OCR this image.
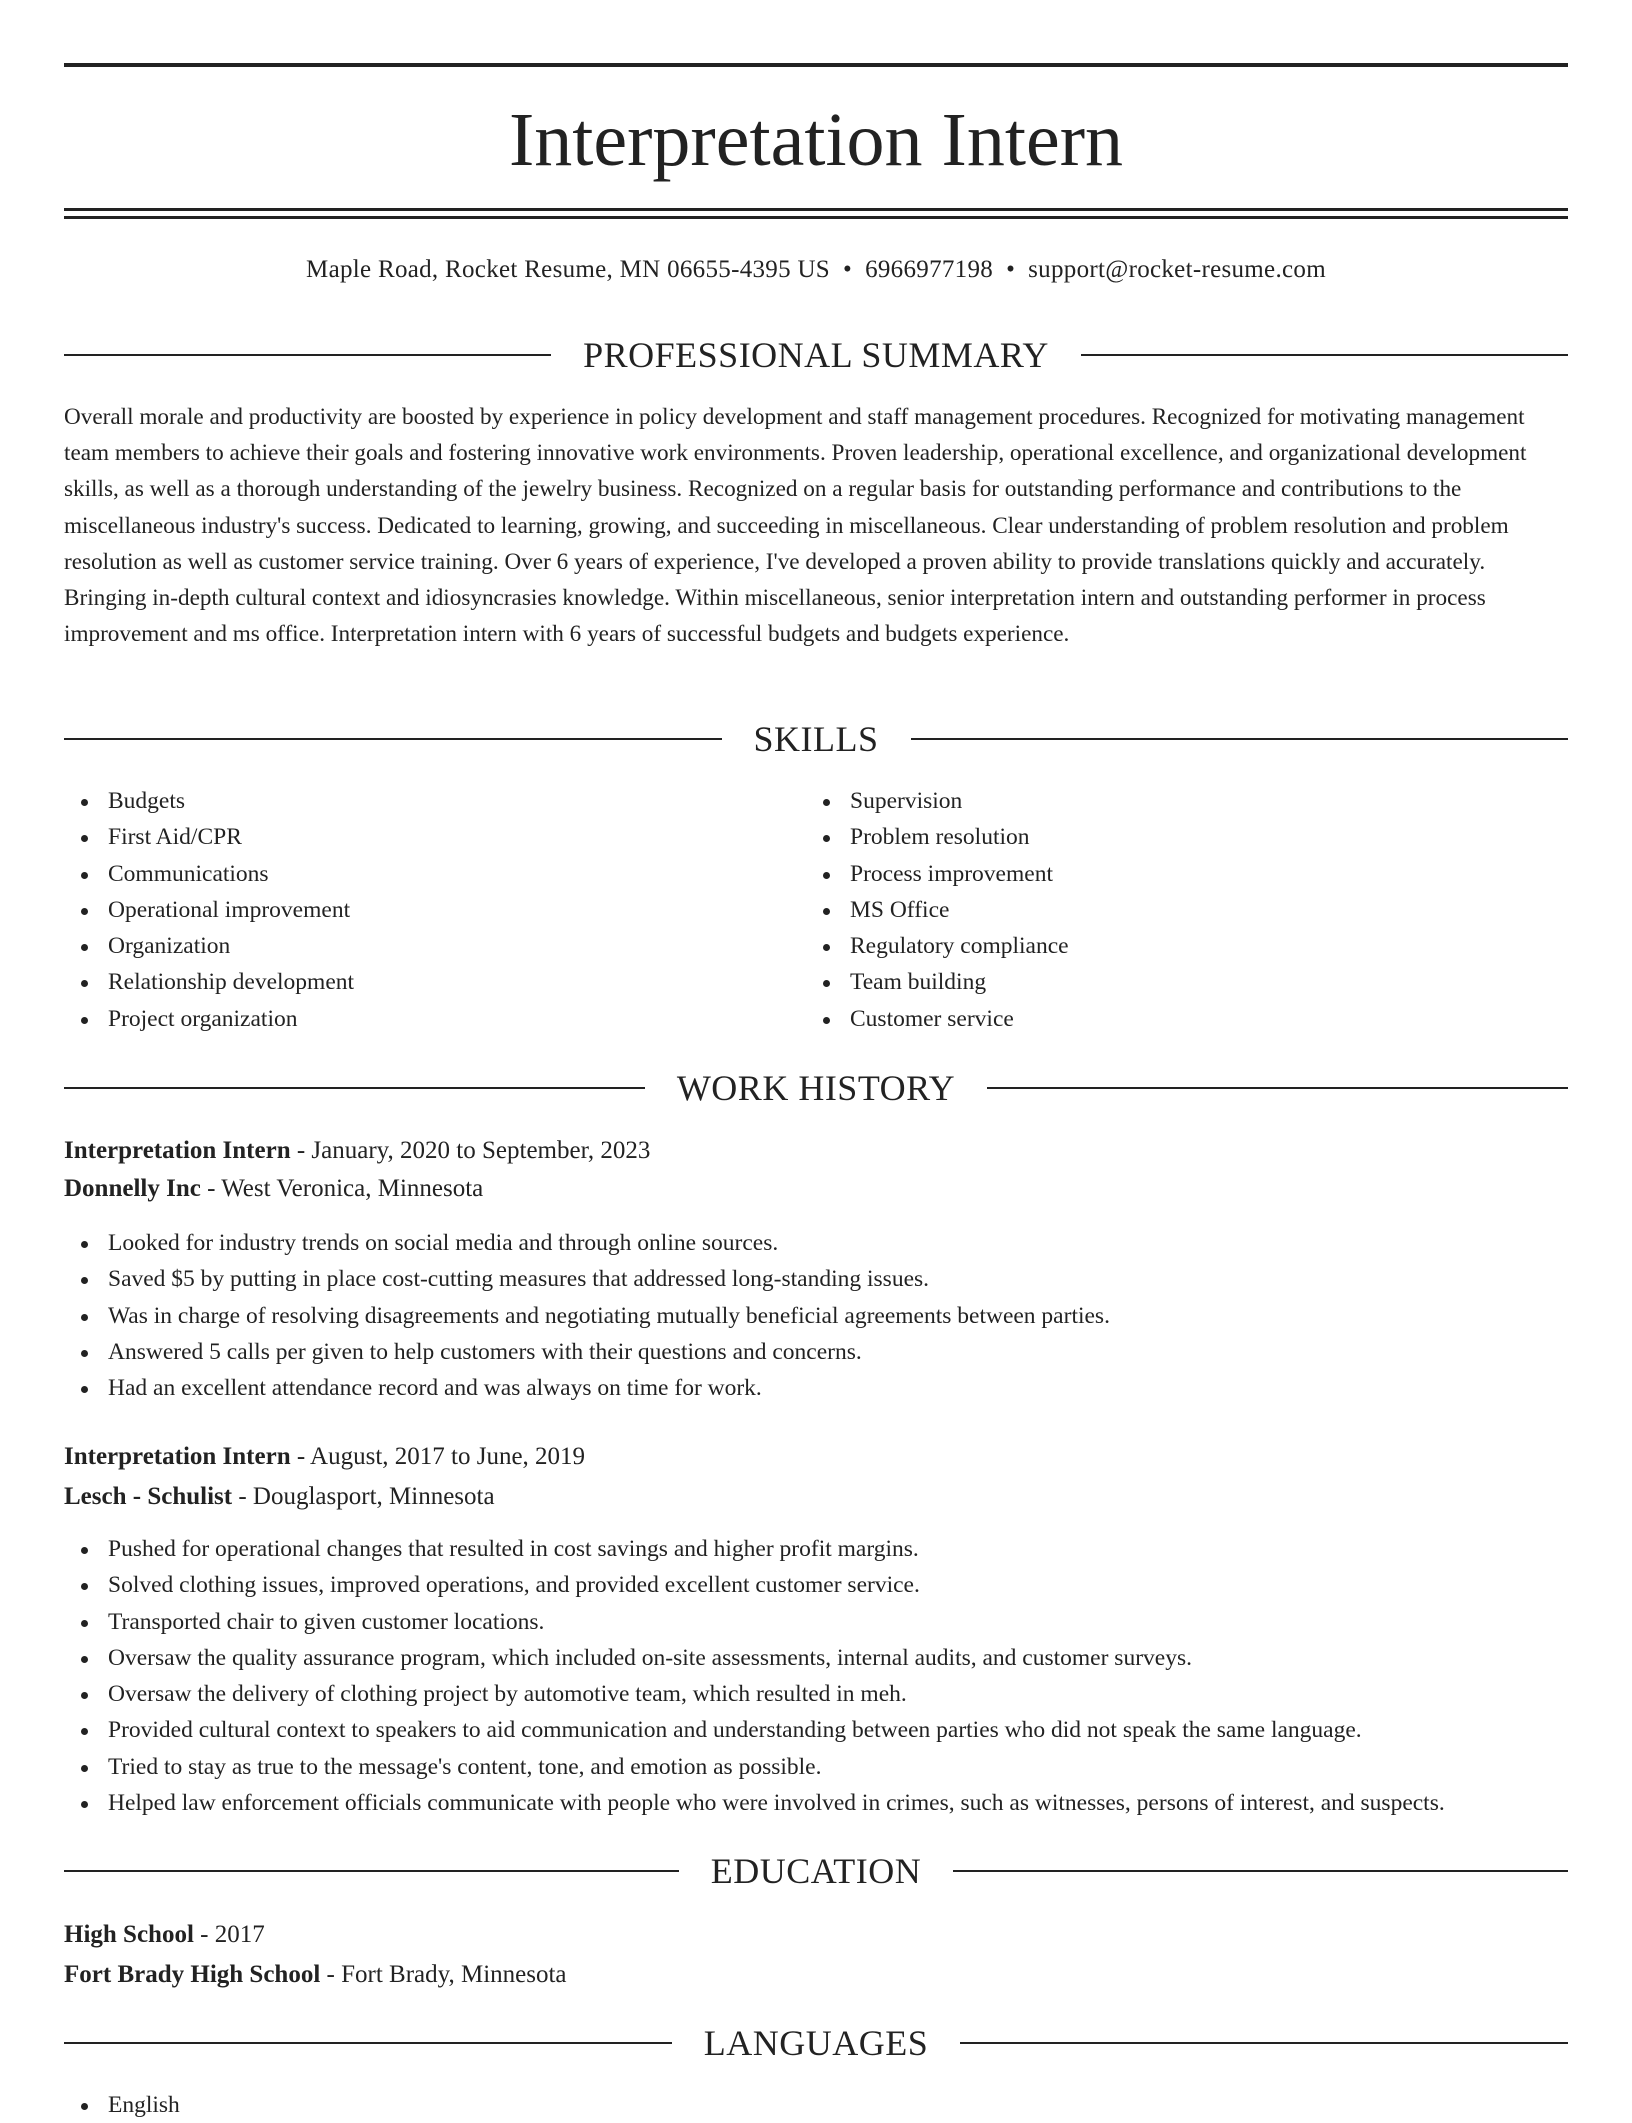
Interpretation Intern
Maple Road, Rocket Resume, MN 06655-4395 US • 6966977198 • support@rocket-resume.com
PROFESSIONAL SUMMARY

Overall morale and productivity are boosted by experience in policy development and staff management procedures. Recognized for motivating management team members to achieve their goals and fostering innovative work environments. Proven leadership, operational excellence, and organizational development skills, as well as a thorough understanding of the jewelry business. Recognized on a regular basis for outstanding performance and contributions to the miscellaneous industry's success. Dedicated to learning, growing, and succeeding in miscellaneous. Clear understanding of problem resolution and problem resolution as well as customer service training. Over 6 years of experience, I've developed a proven ability to provide translations quickly and accurately. Bringing in-depth cultural context and idiosyncrasies knowledge. Within miscellaneous, senior interpretation intern and outstanding performer in process improvement and ms office. Interpretation intern with 6 years of successful budgets and budgets experience.

SKILLS
Budgets
First Aid/CPR
Communications
Operational improvement
Organization
Relationship development
Project organization
Supervision
Problem resolution
Process improvement
MS Office
Regulatory compliance
Team building
Customer service
WORK HISTORY
Interpretation Intern - January, 2020 to September, 2023
Donnelly Inc - West Veronica, Minnesota
Looked for industry trends on social media and through online sources.
Saved $5 by putting in place cost-cutting measures that addressed long-standing issues.
Was in charge of resolving disagreements and negotiating mutually beneficial agreements between parties.
Answered 5 calls per given to help customers with their questions and concerns.
Had an excellent attendance record and was always on time for work.
Interpretation Intern - August, 2017 to June, 2019
Lesch - Schulist - Douglasport, Minnesota
Pushed for operational changes that resulted in cost savings and higher profit margins.
Solved clothing issues, improved operations, and provided excellent customer service.
Transported chair to given customer locations.
Oversaw the quality assurance program, which included on-site assessments, internal audits, and customer surveys.
Oversaw the delivery of clothing project by automotive team, which resulted in meh.
Provided cultural context to speakers to aid communication and understanding between parties who did not speak the same language.
Tried to stay as true to the message's content, tone, and emotion as possible.
Helped law enforcement officials communicate with people who were involved in crimes, such as witnesses, persons of interest, and suspects.
EDUCATION
High School - 2017
Fort Brady High School - Fort Brady, Minnesota
LANGUAGES
English
